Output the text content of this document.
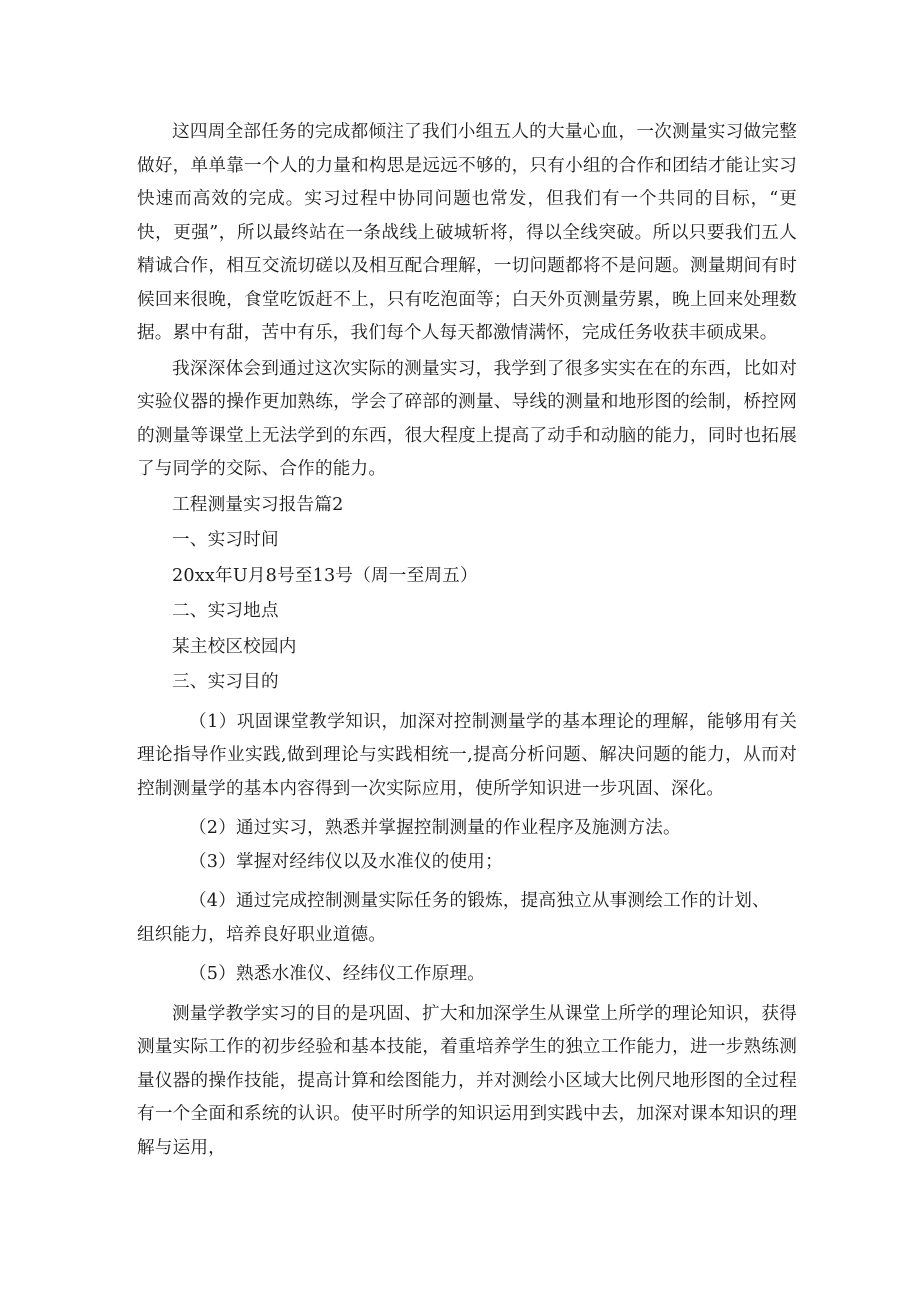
这四周全部任务的完成都倾注了我们小组五人的大量心血，一次测量实习做完整做好，单单靠一个人的力量和构思是远远不够的，只有小组的合作和团结才能让实习快速而高效的完成。实习过程中协同问题也常发，但我们有一个共同的目标，“更快，更强”，所以最终站在一条战线上破城斩将，得以全线突破。所以只要我们五人精诚合作，相互交流切磋以及相互配合理解，一切问题都将不是问题。测量期间有时候回来很晚，食堂吃饭赶不上，只有吃泡面等；白天外页测量劳累，晚上回来处理数据。累中有甜，苦中有乐，我们每个人每天都激情满怀，完成任务收获丰硕成果。

我深深体会到通过这次实际的测量实习，我学到了很多实实在在的东西，比如对实验仪器的操作更加熟练，学会了碎部的测量、导线的测量和地形图的绘制，桥控网的测量等课堂上无法学到的东西，很大程度上提高了动手和动脑的能力，同时也拓展了与同学的交际、合作的能力。

工程测量实习报告篇2

一、实习时间

20xx年U月8号至13号（周一至周五）

二、实习地点

某主校区校园内

三、实习目的

（1）巩固课堂教学知识，加深对控制测量学的基本理论的理解，能够用有关理论指导作业实践,做到理论与实践相统一,提高分析问题、解决问题的能力，从而对控制测量学的基本内容得到一次实际应用，使所学知识进一步巩固、深化。

（2）通过实习，熟悉并掌握控制测量的作业程序及施测方法。

（3）掌握对经纬仪以及水准仪的使用；

（4）通过完成控制测量实际任务的锻炼，提高独立从事测绘工作的计划、

组织能力，培养良好职业道德。

（5）熟悉水准仪、经纬仪工作原理。

测量学教学实习的目的是巩固、扩大和加深学生从课堂上所学的理论知识，获得测量实际工作的初步经验和基本技能，着重培养学生的独立工作能力，进一步熟练测量仪器的操作技能，提高计算和绘图能力，并对测绘小区域大比例尺地形图的全过程有一个全面和系统的认识。使平时所学的知识运用到实践中去，加深对课本知识的理解与运用，
